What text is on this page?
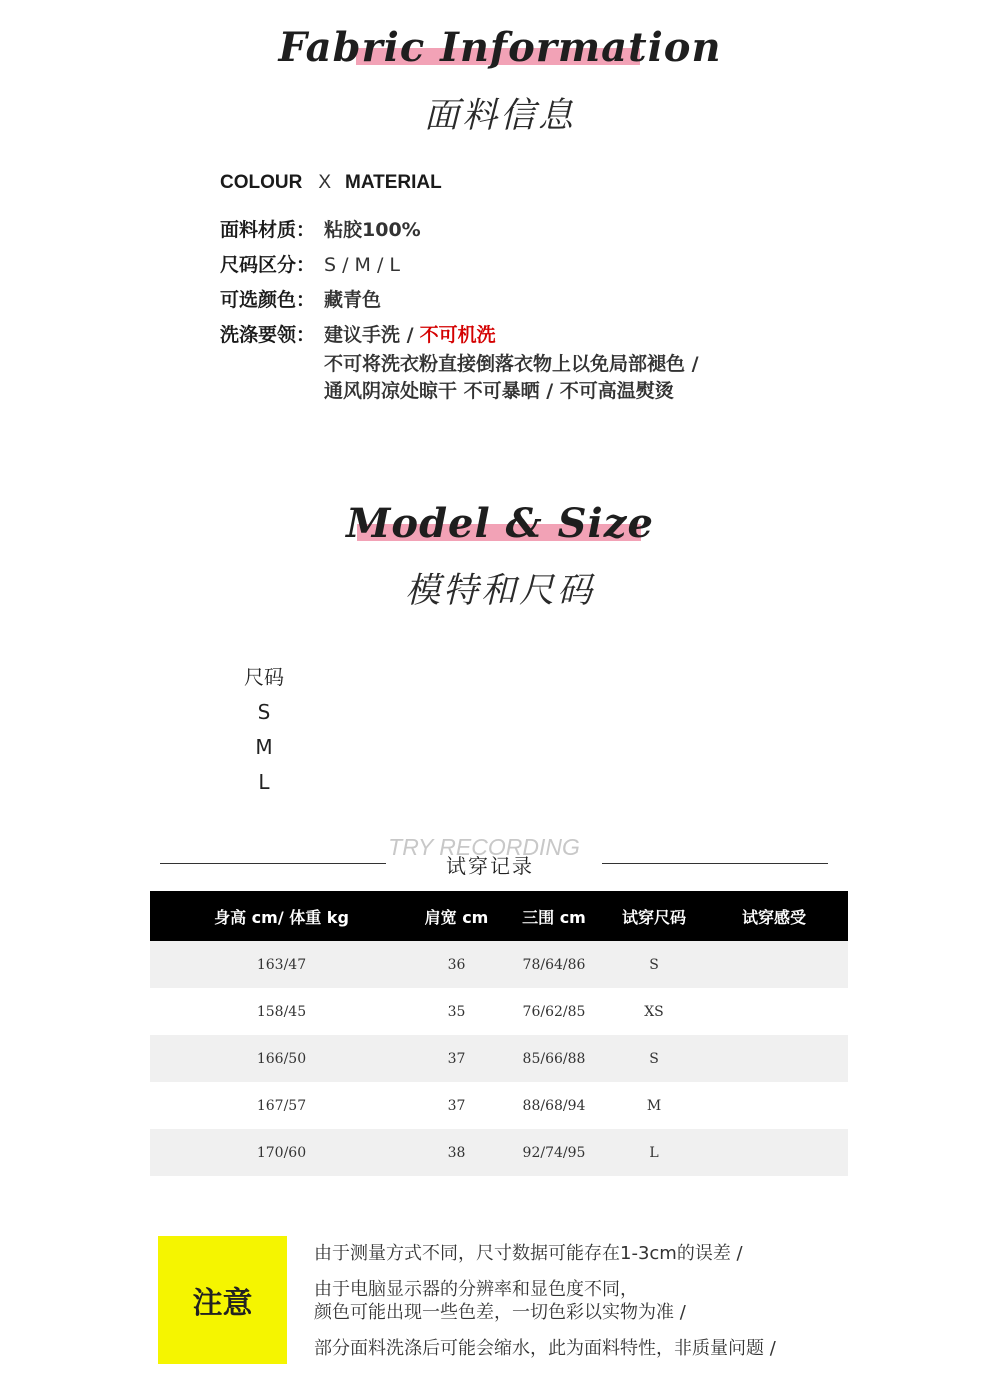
Fabric Information
面料信息
COLOUR X MATERIAL
面料材质： 粘胶100%
尺码区分： S / M / L
可选颜色： 藏青色
洗涤要领： 建议手洗 / 不可机洗
不可将洗衣粉直接倒落衣物上以免局部褪色 /
通风阴凉处晾干 不可暴晒 / 不可高温熨烫
Model & Size
模特和尺码
尺码
S
M
L
TRY RECORDING
试穿记录
身高 cm/ 体重 kg	肩宽 cm	三围 cm	试穿尺码	试穿感受
163/47	36	78/64/86	S	
158/45	35	76/62/85	XS	
166/50	37	85/66/88	S	
167/57	37	88/68/94	M	
170/60	38	92/74/95	L	
注意
由于测量方式不同，尺寸数据可能存在1-3cm的误差 /
由于电脑显示器的分辨率和显色度不同，
颜色可能出现一些色差，一切色彩以实物为准 /
部分面料洗涤后可能会缩水，此为面料特性，非质量问题 /
